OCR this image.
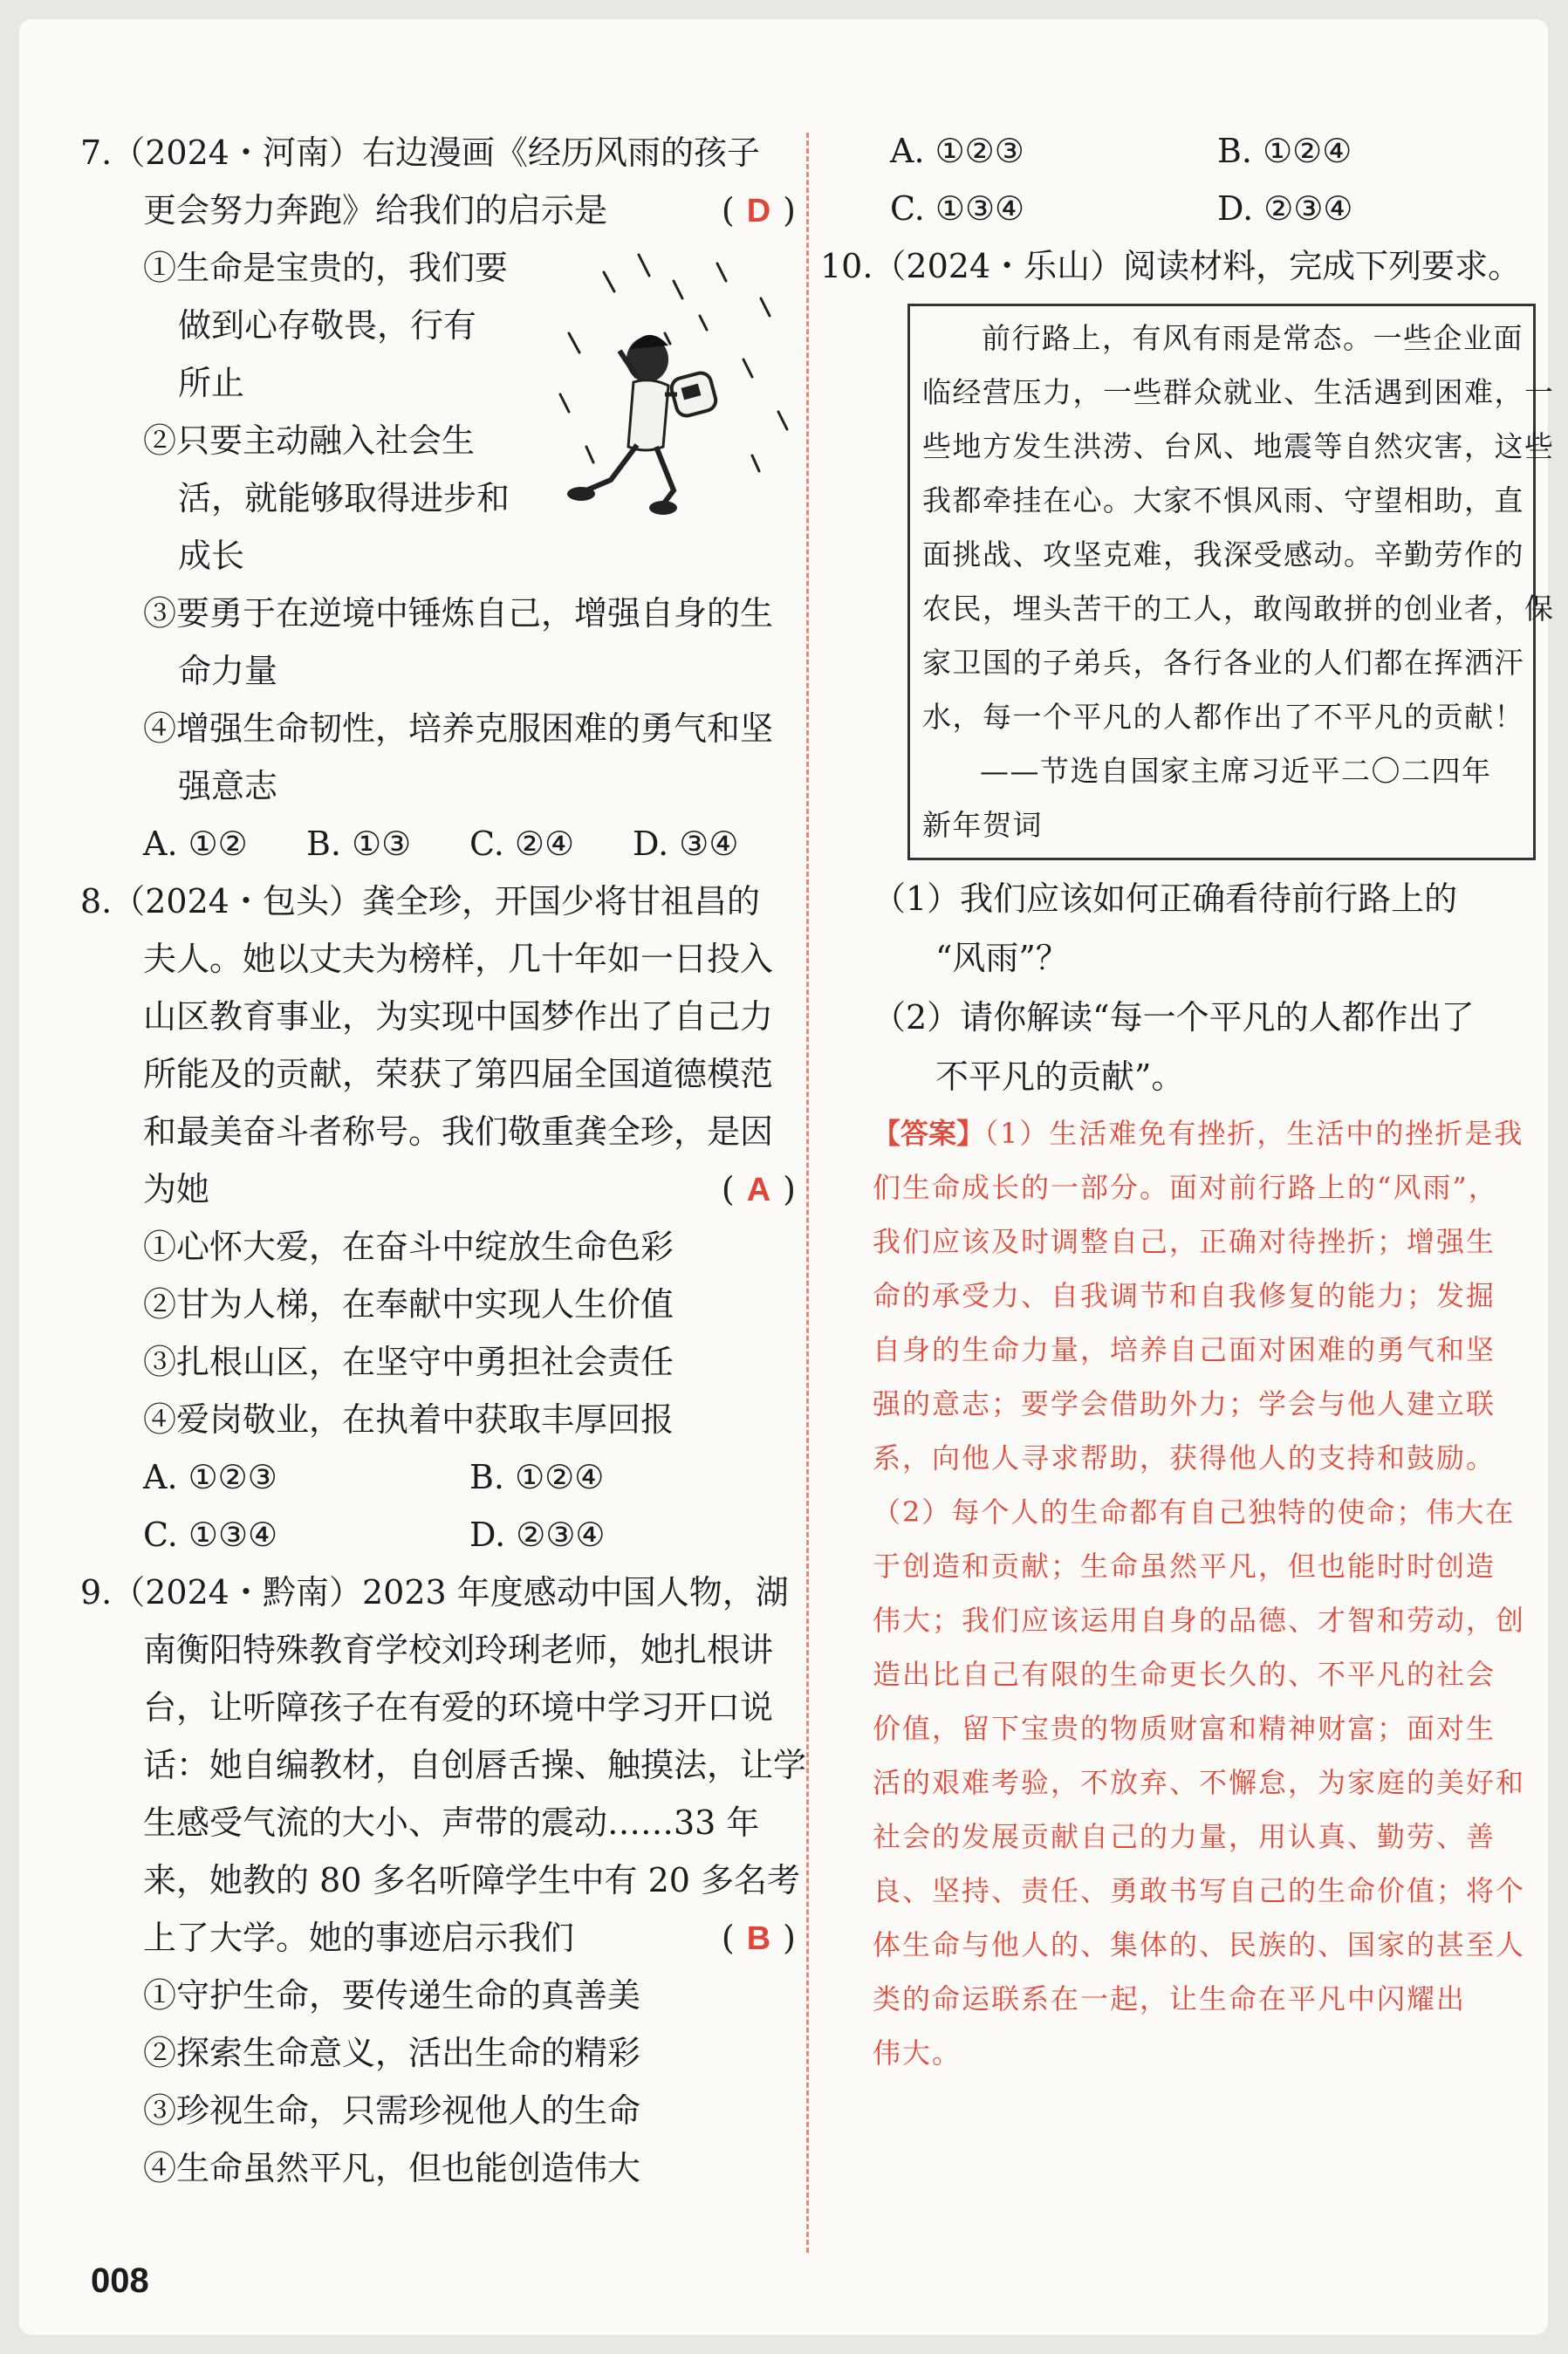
7.（2024・河南）右边漫画《经历风雨的孩子
更会努力奔跑》给我们的启示是	( D )
①生命是宝贵的，我们要
做到心存敬畏，行有
所止
②只要主动融入社会生
活，就能够取得进步和
成长
③要勇于在逆境中锤炼自己，增强自身的生
命力量
④增强生命韧性，培养克服困难的勇气和坚
强意志
A. ①②	B. ①③	C. ②④	D. ③④
8.（2024・包头）龚全珍，开国少将甘祖昌的
夫人。她以丈夫为榜样，几十年如一日投入
山区教育事业，为实现中国梦作出了自己力
所能及的贡献，荣获了第四届全国道德模范
和最美奋斗者称号。我们敬重龚全珍，是因
为她	( A )
①心怀大爱，在奋斗中绽放生命色彩
②甘为人梯，在奉献中实现人生价值
③扎根山区，在坚守中勇担社会责任
④爱岗敬业，在执着中获取丰厚回报
A. ①②③	B. ①②④
C. ①③④	D. ②③④
9.（2024・黔南）2023 年度感动中国人物，湖
南衡阳特殊教育学校刘玲琍老师，她扎根讲
台，让听障孩子在有爱的环境中学习开口说
话：她自编教材，自创唇舌操、触摸法，让学
生感受气流的大小、声带的震动……33 年
来，她教的 80 多名听障学生中有 20 多名考
上了大学。她的事迹启示我们	( B )
①守护生命，要传递生命的真善美
②探索生命意义，活出生命的精彩
③珍视生命，只需珍视他人的生命
④生命虽然平凡，但也能创造伟大
A. ①②③	B. ①②④
C. ①③④	D. ②③④
10.（2024・乐山）阅读材料，完成下列要求。
前行路上，有风有雨是常态。一些企业面
临经营压力，一些群众就业、生活遇到困难，一
些地方发生洪涝、台风、地震等自然灾害，这些
我都牵挂在心。大家不惧风雨、守望相助，直
面挑战、攻坚克难，我深受感动。辛勤劳作的
农民，埋头苦干的工人，敢闯敢拼的创业者，保
家卫国的子弟兵，各行各业的人们都在挥洒汗
水，每一个平凡的人都作出了不平凡的贡献！
——节选自国家主席习近平二〇二四年
新年贺词
（1）我们应该如何正确看待前行路上的
“风雨”？
（2）请你解读“每一个平凡的人都作出了
不平凡的贡献”。
【答案】（1）生活难免有挫折，生活中的挫折是我
们生命成长的一部分。面对前行路上的“风雨”，
我们应该及时调整自己，正确对待挫折；增强生
命的承受力、自我调节和自我修复的能力；发掘
自身的生命力量，培养自己面对困难的勇气和坚
强的意志；要学会借助外力；学会与他人建立联
系，向他人寻求帮助，获得他人的支持和鼓励。
（2）每个人的生命都有自己独特的使命；伟大在
于创造和贡献；生命虽然平凡，但也能时时创造
伟大；我们应该运用自身的品德、才智和劳动，创
造出比自己有限的生命更长久的、不平凡的社会
价值，留下宝贵的物质财富和精神财富；面对生
活的艰难考验，不放弃、不懈怠，为家庭的美好和
社会的发展贡献自己的力量，用认真、勤劳、善
良、坚持、责任、勇敢书写自己的生命价值；将个
体生命与他人的、集体的、民族的、国家的甚至人
类的命运联系在一起，让生命在平凡中闪耀出
伟大。
008
